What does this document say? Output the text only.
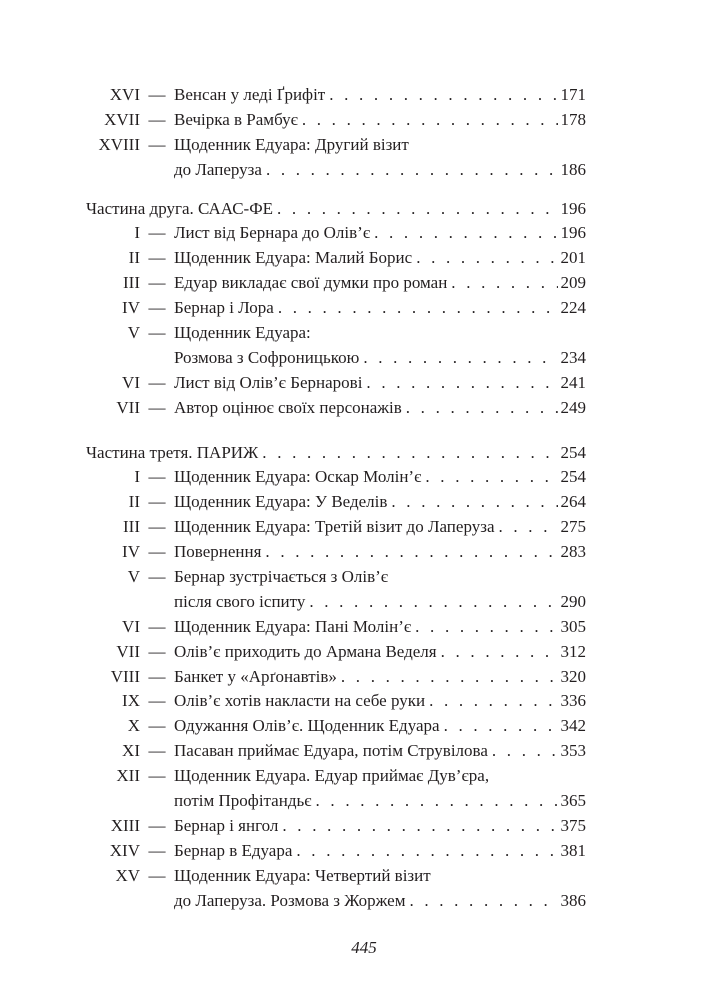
XVI — Венсан у леді Ґрифіт . . .	171
XVII — Вечірка в Рамбує . . .	178
XVIII — Щоденник Едуара: Другий візит
до Лаперуза . . .	186
Частина друга. СААС-ФЕ . . .	196
I — Лист від Бернара до Олів’є . . .	196
II — Щоденник Едуара: Малий Борис . . .	201
III — Едуар викладає свої думки про роман . . .	209
IV — Бернар і Лора . . .	224
V — Щоденник Едуара:
Розмова з Софроницькою . . .	234
VI — Лист від Олів’є Бернарові . . .	241
VII — Автор оцінює своїх персонажів . . .	249
Частина третя. ПАРИЖ . . .	254
I — Щоденник Едуара: Оскар Молін’є . . .	254
II — Щоденник Едуара: У Веделів . . .	264
III — Щоденник Едуара: Третій візит до Лаперуза . . .	275
IV — Повернення . . .	283
V — Бернар зустрічається з Олів’є
після свого іспиту . . .	290
VI — Щоденник Едуара: Пані Молін’є . . .	305
VII — Олів’є приходить до Армана Веделя . . .	312
VIII — Банкет у «Арґонавтів» . . .	320
IX — Олів’є хотів накласти на себе руки . . .	336
X — Одужання Олів’є. Щоденник Едуара . . .	342
XI — Пасаван приймає Едуара, потім Струвілова . . .	353
XII — Щоденник Едуара. Едуар приймає Дув’єра,
потім Профітандьє . . .	365
XIII — Бернар і янгол . . .	375
XIV — Бернар в Едуара . . .	381
XV — Щоденник Едуара: Четвертий візит
до Лаперуза. Розмова з Жоржем . . .	386
445
